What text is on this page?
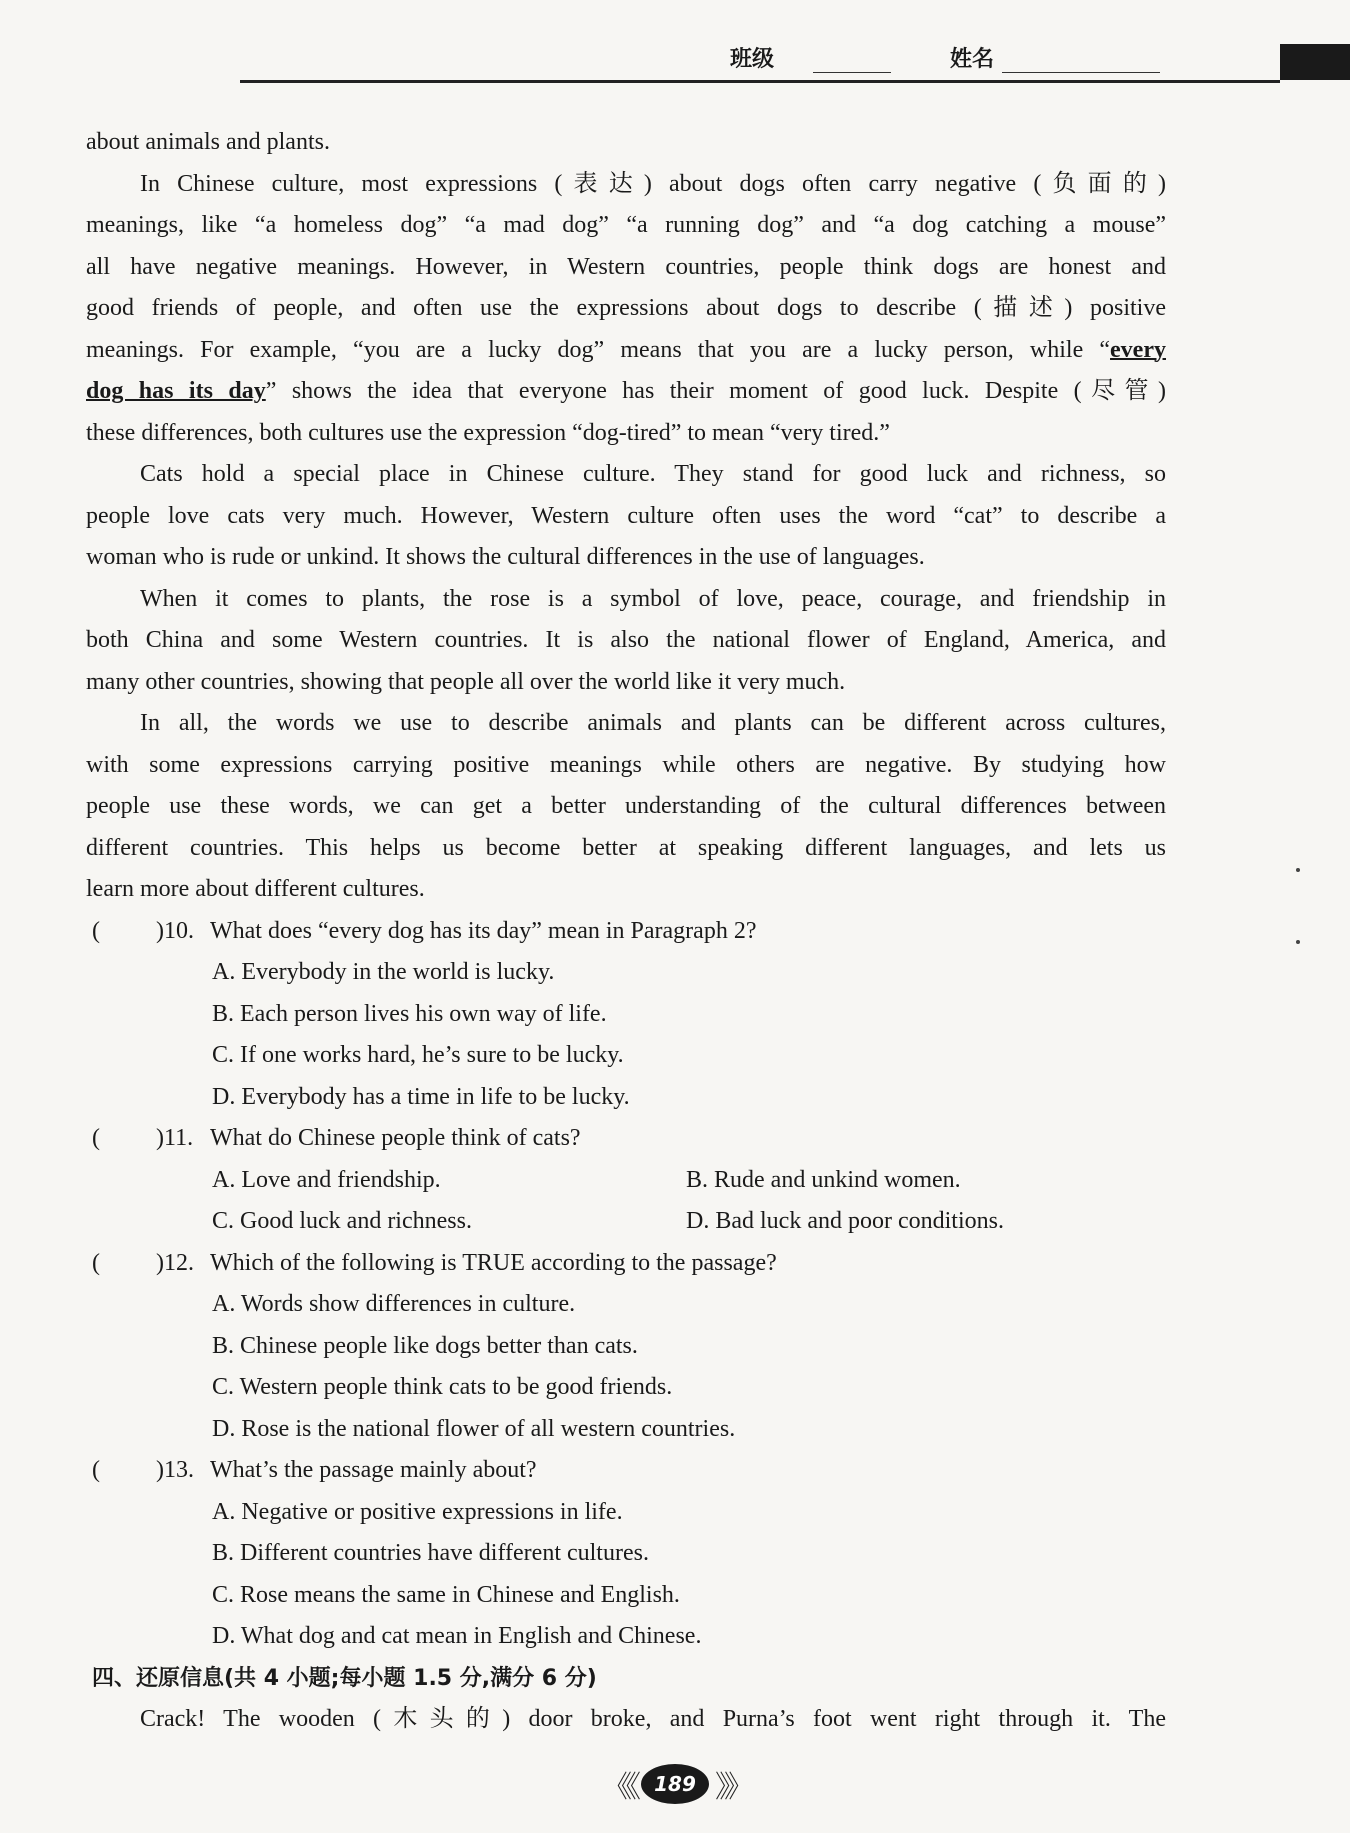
班级	姓名
about animals and plants.
In Chinese culture, most expressions (表达) about dogs often carry negative (负面的)
meanings, like “a homeless dog” “a mad dog” “a running dog” and “a dog catching a mouse”
all have negative meanings. However, in Western countries, people think dogs are honest and
good friends of people, and often use the expressions about dogs to describe (描述) positive
meanings. For example, “you are a lucky dog” means that you are a lucky person, while “every
dog has its day” shows the idea that everyone has their moment of good luck. Despite (尽管)
these differences, both cultures use the expression “dog-tired” to mean “very tired.”
Cats hold a special place in Chinese culture. They stand for good luck and richness, so
people love cats very much. However, Western culture often uses the word “cat” to describe a
woman who is rude or unkind. It shows the cultural differences in the use of languages.
When it comes to plants, the rose is a symbol of love, peace, courage, and friendship in
both China and some Western countries. It is also the national flower of England, America, and
many other countries, showing that people all over the world like it very much.
In all, the words we use to describe animals and plants can be different across cultures,
with some expressions carrying positive meanings while others are negative. By studying how
people use these words, we can get a better understanding of the cultural differences between
different countries. This helps us become better at speaking different languages, and lets us
learn more about different cultures.
( )10. What does “every dog has its day” mean in Paragraph 2?
A. Everybody in the world is lucky.
B. Each person lives his own way of life.
C. If one works hard, he’s sure to be lucky.
D. Everybody has a time in life to be lucky.
( )11. What do Chinese people think of cats?
A. Love and friendship.	B. Rude and unkind women.
C. Good luck and richness.	D. Bad luck and poor conditions.
( )12. Which of the following is TRUE according to the passage?
A. Words show differences in culture.
B. Chinese people like dogs better than cats.
C. Western people think cats to be good friends.
D. Rose is the national flower of all western countries.
( )13. What’s the passage mainly about?
A. Negative or positive expressions in life.
B. Different countries have different cultures.
C. Rose means the same in Chinese and English.
D. What dog and cat mean in English and Chinese.
四、还原信息(共 4 小题;每小题 1.5 分,满分 6 分)
Crack! The wooden (木头的) door broke, and Purna’s foot went right through it. The
《《 189 》》
